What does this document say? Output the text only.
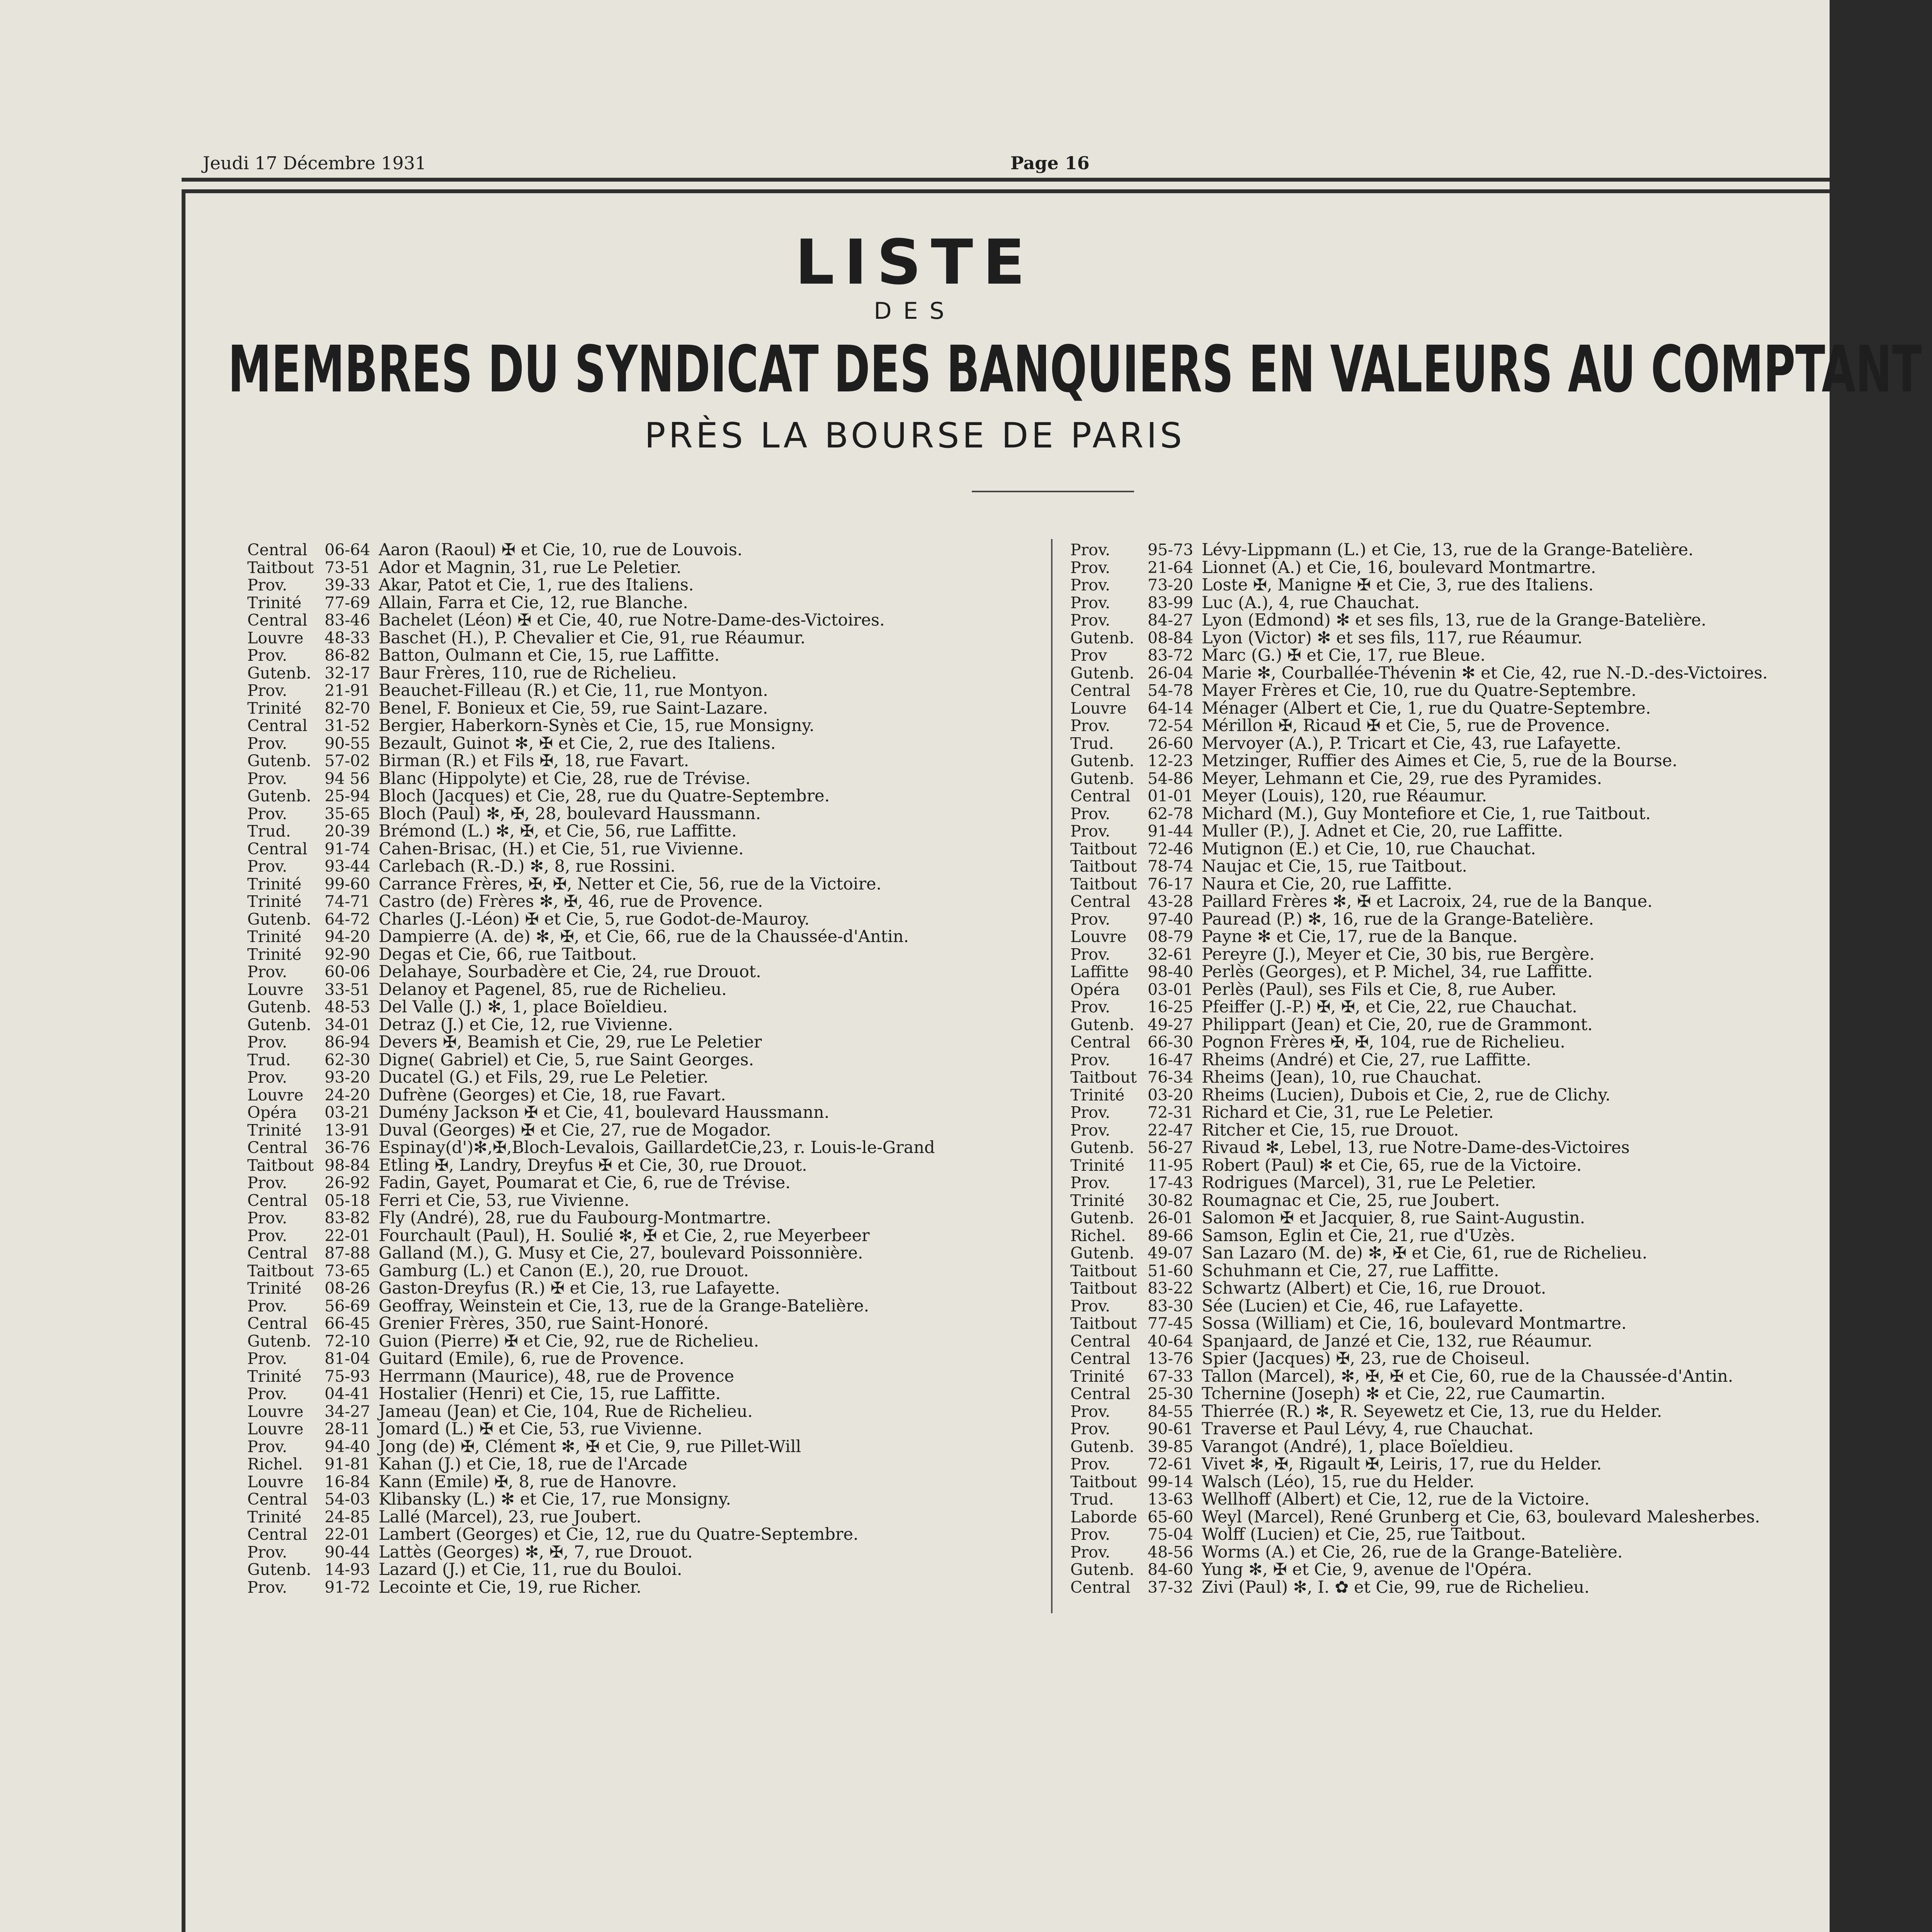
Jeudi 17 Décembre 1931	Page 16
LISTE
DES
MEMBRES DU SYNDICAT DES BANQUIERS EN VALEURS AU COMPTANT
PRÈS LA BOURSE DE PARIS
Central 06-64 Aaron (Raoul) ✠ et Cie, 10, rue de Louvois.
Taitbout 73-51 Ador et Magnin, 31, rue Le Peletier.
Prov. 39-33 Akar, Patot et Cie, 1, rue des Italiens.
Trinité 77-69 Allain, Farra et Cie, 12, rue Blanche.
Central 83-46 Bachelet (Léon) ✠ et Cie, 40, rue Notre-Dame-des-Victoires.
Louvre 48-33 Baschet (H.), P. Chevalier et Cie, 91, rue Réaumur.
Prov. 86-82 Batton, Oulmann et Cie, 15, rue Laffitte.
Gutenb. 32-17 Baur Frères, 110, rue de Richelieu.
Prov. 21-91 Beauchet-Filleau (R.) et Cie, 11, rue Montyon.
Trinité 82-70 Benel, F. Bonieux et Cie, 59, rue Saint-Lazare.
Central 31-52 Bergier, Haberkorn-Synès et Cie, 15, rue Monsigny.
Prov. 90-55 Bezault, Guinot ✻, ✠ et Cie, 2, rue des Italiens.
Gutenb. 57-02 Birman (R.) et Fils ✠, 18, rue Favart.
Prov. 94 56 Blanc (Hippolyte) et Cie, 28, rue de Trévise.
Gutenb. 25-94 Bloch (Jacques) et Cie, 28, rue du Quatre-Septembre.
Prov. 35-65 Bloch (Paul) ✻, ✠, 28, boulevard Haussmann.
Trud. 20-39 Brémond (L.) ✻, ✠, et Cie, 56, rue Laffitte.
Central 91-74 Cahen-Brisac, (H.) et Cie, 51, rue Vivienne.
Prov. 93-44 Carlebach (R.-D.) ✻, 8, rue Rossini.
Trinité 99-60 Carrance Frères, ✠, ✠, Netter et Cie, 56, rue de la Victoire.
Trinité 74-71 Castro (de) Frères ✻, ✠, 46, rue de Provence.
Gutenb. 64-72 Charles (J.-Léon) ✠ et Cie, 5, rue Godot-de-Mauroy.
Trinité 94-20 Dampierre (A. de) ✻, ✠, et Cie, 66, rue de la Chaussée-d'Antin.
Trinité 92-90 Degas et Cie, 66, rue Taitbout.
Prov. 60-06 Delahaye, Sourbadère et Cie, 24, rue Drouot.
Louvre 33-51 Delanoy et Pagenel, 85, rue de Richelieu.
Gutenb. 48-53 Del Valle (J.) ✻, 1, place Boïeldieu.
Gutenb. 34-01 Detraz (J.) et Cie, 12, rue Vivienne.
Prov. 86-94 Devers ✠, Beamish et Cie, 29, rue Le Peletier
Trud. 62-30 Digne( Gabriel) et Cie, 5, rue Saint Georges.
Prov. 93-20 Ducatel (G.) et Fils, 29, rue Le Peletier.
Louvre 24-20 Dufrène (Georges) et Cie, 18, rue Favart.
Opéra 03-21 Dumény Jackson ✠ et Cie, 41, boulevard Haussmann.
Trinité 13-91 Duval (Georges) ✠ et Cie, 27, rue de Mogador.
Central 36-76 Espinay(d')✻,✠,Bloch-Levalois, GaillardetCie,23, r. Louis-le-Grand
Taitbout 98-84 Etling ✠, Landry, Dreyfus ✠ et Cie, 30, rue Drouot.
Prov. 26-92 Fadin, Gayet, Poumarat et Cie, 6, rue de Trévise.
Central 05-18 Ferri et Cie, 53, rue Vivienne.
Prov. 83-82 Fly (André), 28, rue du Faubourg-Montmartre.
Prov. 22-01 Fourchault (Paul), H. Soulié ✻, ✠ et Cie, 2, rue Meyerbeer
Central 87-88 Galland (M.), G. Musy et Cie, 27, boulevard Poissonnière.
Taitbout 73-65 Gamburg (L.) et Canon (E.), 20, rue Drouot.
Trinité 08-26 Gaston-Dreyfus (R.) ✠ et Cie, 13, rue Lafayette.
Prov. 56-69 Geoffray, Weinstein et Cie, 13, rue de la Grange-Batelière.
Central 66-45 Grenier Frères, 350, rue Saint-Honoré.
Gutenb. 72-10 Guion (Pierre) ✠ et Cie, 92, rue de Richelieu.
Prov. 81-04 Guitard (Emile), 6, rue de Provence.
Trinité 75-93 Herrmann (Maurice), 48, rue de Provence
Prov. 04-41 Hostalier (Henri) et Cie, 15, rue Laffitte.
Louvre 34-27 Jameau (Jean) et Cie, 104, Rue de Richelieu.
Louvre 28-11 Jomard (L.) ✠ et Cie, 53, rue Vivienne.
Prov. 94-40 Jong (de) ✠, Clément ✻, ✠ et Cie, 9, rue Pillet-Will
Richel. 91-81 Kahan (J.) et Cie, 18, rue de l'Arcade
Louvre 16-84 Kann (Emile) ✠, 8, rue de Hanovre.
Central 54-03 Klibansky (L.) ✻ et Cie, 17, rue Monsigny.
Trinité 24-85 Lallé (Marcel), 23, rue Joubert.
Central 22-01 Lambert (Georges) et Cie, 12, rue du Quatre-Septembre.
Prov. 90-44 Lattès (Georges) ✻, ✠, 7, rue Drouot.
Gutenb. 14-93 Lazard (J.) et Cie, 11, rue du Bouloi.
Prov. 91-72 Lecointe et Cie, 19, rue Richer.
Prov. 95-73 Lévy-Lippmann (L.) et Cie, 13, rue de la Grange-Batelière.
Prov. 21-64 Lionnet (A.) et Cie, 16, boulevard Montmartre.
Prov. 73-20 Loste ✠, Manigne ✠ et Cie, 3, rue des Italiens.
Prov. 83-99 Luc (A.), 4, rue Chauchat.
Prov. 84-27 Lyon (Edmond) ✻ et ses fils, 13, rue de la Grange-Batelière.
Gutenb. 08-84 Lyon (Victor) ✻ et ses fils, 117, rue Réaumur.
Prov	83-72 Marc (G.) ✠ et Cie, 17, rue Bleue.
Gutenb. 26-04 Marie ✻, Courballée-Thévenin ✻ et Cie, 42, rue N.-D.-des-Victoires.
Central 54-78 Mayer Frères et Cie, 10, rue du Quatre-Septembre.
Louvre 64-14 Ménager (Albert et Cie, 1, rue du Quatre-Septembre.
Prov. 72-54 Mérillon ✠, Ricaud ✠ et Cie, 5, rue de Provence.
Trud. 26-60 Mervoyer (A.), P. Tricart et Cie, 43, rue Lafayette.
Gutenb. 12-23 Metzinger, Ruffier des Aimes et Cie, 5, rue de la Bourse.
Gutenb. 54-86 Meyer, Lehmann et Cie, 29, rue des Pyramides.
Central 01-01 Meyer (Louis), 120, rue Réaumur.
Prov. 62-78 Michard (M.), Guy Montefiore et Cie, 1, rue Taitbout.
Prov. 91-44 Muller (P.), J. Adnet et Cie, 20, rue Laffitte.
Taitbout 72-46 Mutignon (E.) et Cie, 10, rue Chauchat.
Taitbout 78-74 Naujac et Cie, 15, rue Taitbout.
Taitbout 76-17 Naura et Cie, 20, rue Laffitte.
Central 43-28 Paillard Frères ✻, ✠ et Lacroix, 24, rue de la Banque.
Prov. 97-40 Pauread (P.) ✻, 16, rue de la Grange-Batelière.
Louvre 08-79 Payne ✻ et Cie, 17, rue de la Banque.
Prov. 32-61 Pereyre (J.), Meyer et Cie, 30 bis, rue Bergère.
Laffitte 98-40 Perlès (Georges), et P. Michel, 34, rue Laffitte.
Opéra 03-01 Perlès (Paul), ses Fils et Cie, 8, rue Auber.
Prov. 16-25 Pfeiffer (J.-P.) ✠, ✠, et Cie, 22, rue Chauchat.
Gutenb. 49-27 Philippart (Jean) et Cie, 20, rue de Grammont.
Central 66-30 Pognon Frères ✠, ✠, 104, rue de Richelieu.
Prov. 16-47 Rheims (André) et Cie, 27, rue Laffitte.
Taitbout 76-34 Rheims (Jean), 10, rue Chauchat.
Trinité 03-20 Rheims (Lucien), Dubois et Cie, 2, rue de Clichy.
Prov. 72-31 Richard et Cie, 31, rue Le Peletier.
Prov. 22-47 Ritcher et Cie, 15, rue Drouot.
Gutenb. 56-27 Rivaud ✻, Lebel, 13, rue Notre-Dame-des-Victoires
Trinité 11-95 Robert (Paul) ✻ et Cie, 65, rue de la Victoire.
Prov. 17-43 Rodrigues (Marcel), 31, rue Le Peletier.
Trinité 30-82 Roumagnac et Cie, 25, rue Joubert.
Gutenb. 26-01 Salomon ✠ et Jacquier, 8, rue Saint-Augustin.
Richel. 89-66 Samson, Eglin et Cie, 21, rue d'Uzès.
Gutenb. 49-07 San Lazaro (M. de) ✻, ✠ et Cie, 61, rue de Richelieu.
Taitbout 51-60 Schuhmann et Cie, 27, rue Laffitte.
Taitbout 83-22 Schwartz (Albert) et Cie, 16, rue Drouot.
Prov. 83-30 Sée (Lucien) et Cie, 46, rue Lafayette.
Taitbout 77-45 Sossa (William) et Cie, 16, boulevard Montmartre.
Central 40-64 Spanjaard, de Janzé et Cie, 132, rue Réaumur.
Central 13-76 Spier (Jacques) ✠, 23, rue de Choiseul.
Trinité 67-33 Tallon (Marcel), ✻, ✠, ✠ et Cie, 60, rue de la Chaussée-d'Antin.
Central 25-30 Tchernine (Joseph) ✻ et Cie, 22, rue Caumartin.
Prov. 84-55 Thierrée (R.) ✻, R. Seyewetz et Cie, 13, rue du Helder.
Prov. 90-61 Traverse et Paul Lévy, 4, rue Chauchat.
Gutenb. 39-85 Varangot (André), 1, place Boïeldieu.
Prov. 72-61 Vivet ✻, ✠, Rigault ✠, Leiris, 17, rue du Helder.
Taitbout 99-14 Walsch (Léo), 15, rue du Helder.
Trud. 13-63 Wellhoff (Albert) et Cie, 12, rue de la Victoire.
Laborde 65-60 Weyl (Marcel), René Grunberg et Cie, 63, boulevard Malesherbes.
Prov. 75-04 Wolff (Lucien) et Cie, 25, rue Taitbout.
Prov. 48-56 Worms (A.) et Cie, 26, rue de la Grange-Batelière.
Gutenb. 84-60 Yung ✻, ✠ et Cie, 9, avenue de l'Opéra.
Central 37-32 Zivi (Paul) ✻, I. ✿ et Cie, 99, rue de Richelieu.
